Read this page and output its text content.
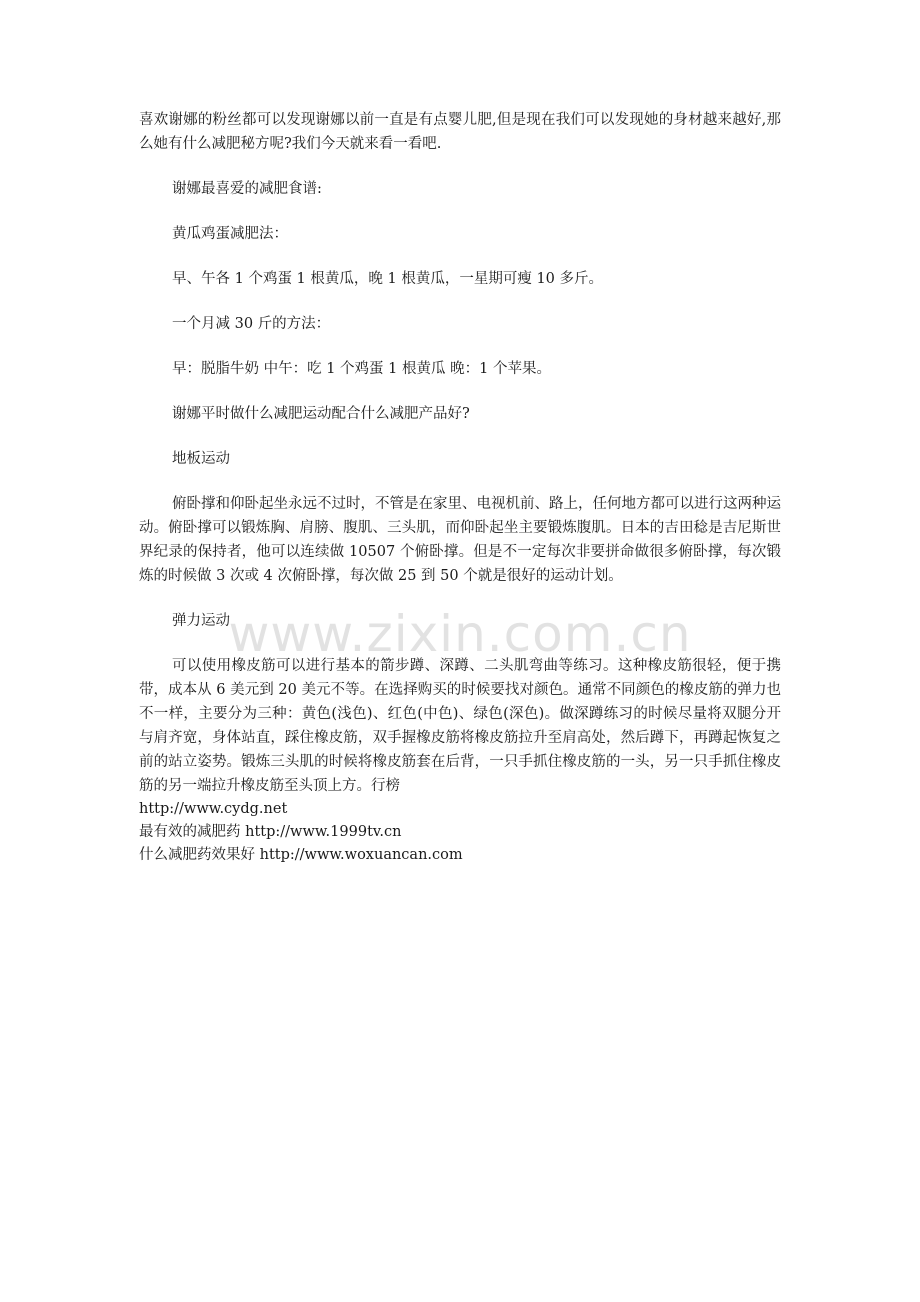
喜欢谢娜的粉丝都可以发现谢娜以前一直是有点婴儿肥,但是现在我们可以发现她的身材越来越好,那么她有什么减肥秘方呢?我们今天就来看一看吧.

谢娜最喜爱的减肥食谱:

黄瓜鸡蛋减肥法：

早、午各 1 个鸡蛋 1 根黄瓜，晚 1 根黄瓜，一星期可瘦 10 多斤。

一个月减 30 斤的方法：

早：脱脂牛奶 中午：吃 1 个鸡蛋 1 根黄瓜 晚：1 个苹果。

谢娜平时做什么减肥运动配合什么减肥产品好?

地板运动

俯卧撑和仰卧起坐永远不过时，不管是在家里、电视机前、路上，任何地方都可以进行这两种运动。俯卧撑可以锻炼胸、肩膀、腹肌、三头肌，而仰卧起坐主要锻炼腹肌。日本的吉田稔是吉尼斯世界纪录的保持者，他可以连续做 10507 个俯卧撑。但是不一定每次非要拼命做很多俯卧撑，每次锻炼的时候做 3 次或 4 次俯卧撑，每次做 25 到 50 个就是很好的运动计划。

弹力运动

可以使用橡皮筋可以进行基本的箭步蹲、深蹲、二头肌弯曲等练习。这种橡皮筋很轻，便于携带，成本从 6 美元到 20 美元不等。在选择购买的时候要找对颜色。通常不同颜色的橡皮筋的弹力也不一样，主要分为三种：黄色(浅色)、红色(中色)、绿色(深色)。做深蹲练习的时候尽量将双腿分开与肩齐宽，身体站直，踩住橡皮筋，双手握橡皮筋将橡皮筋拉升至肩高处，然后蹲下，再蹲起恢复之前的站立姿势。锻炼三头肌的时候将橡皮筋套在后背，一只手抓住橡皮筋的一头，另一只手抓住橡皮筋的另一端拉升橡皮筋至头顶上方。行榜

http://www.cydg.net
最有效的减肥药 http://www.1999tv.cn
什么减肥药效果好 http://www.woxuancan.com
www.zixin.com.cn
